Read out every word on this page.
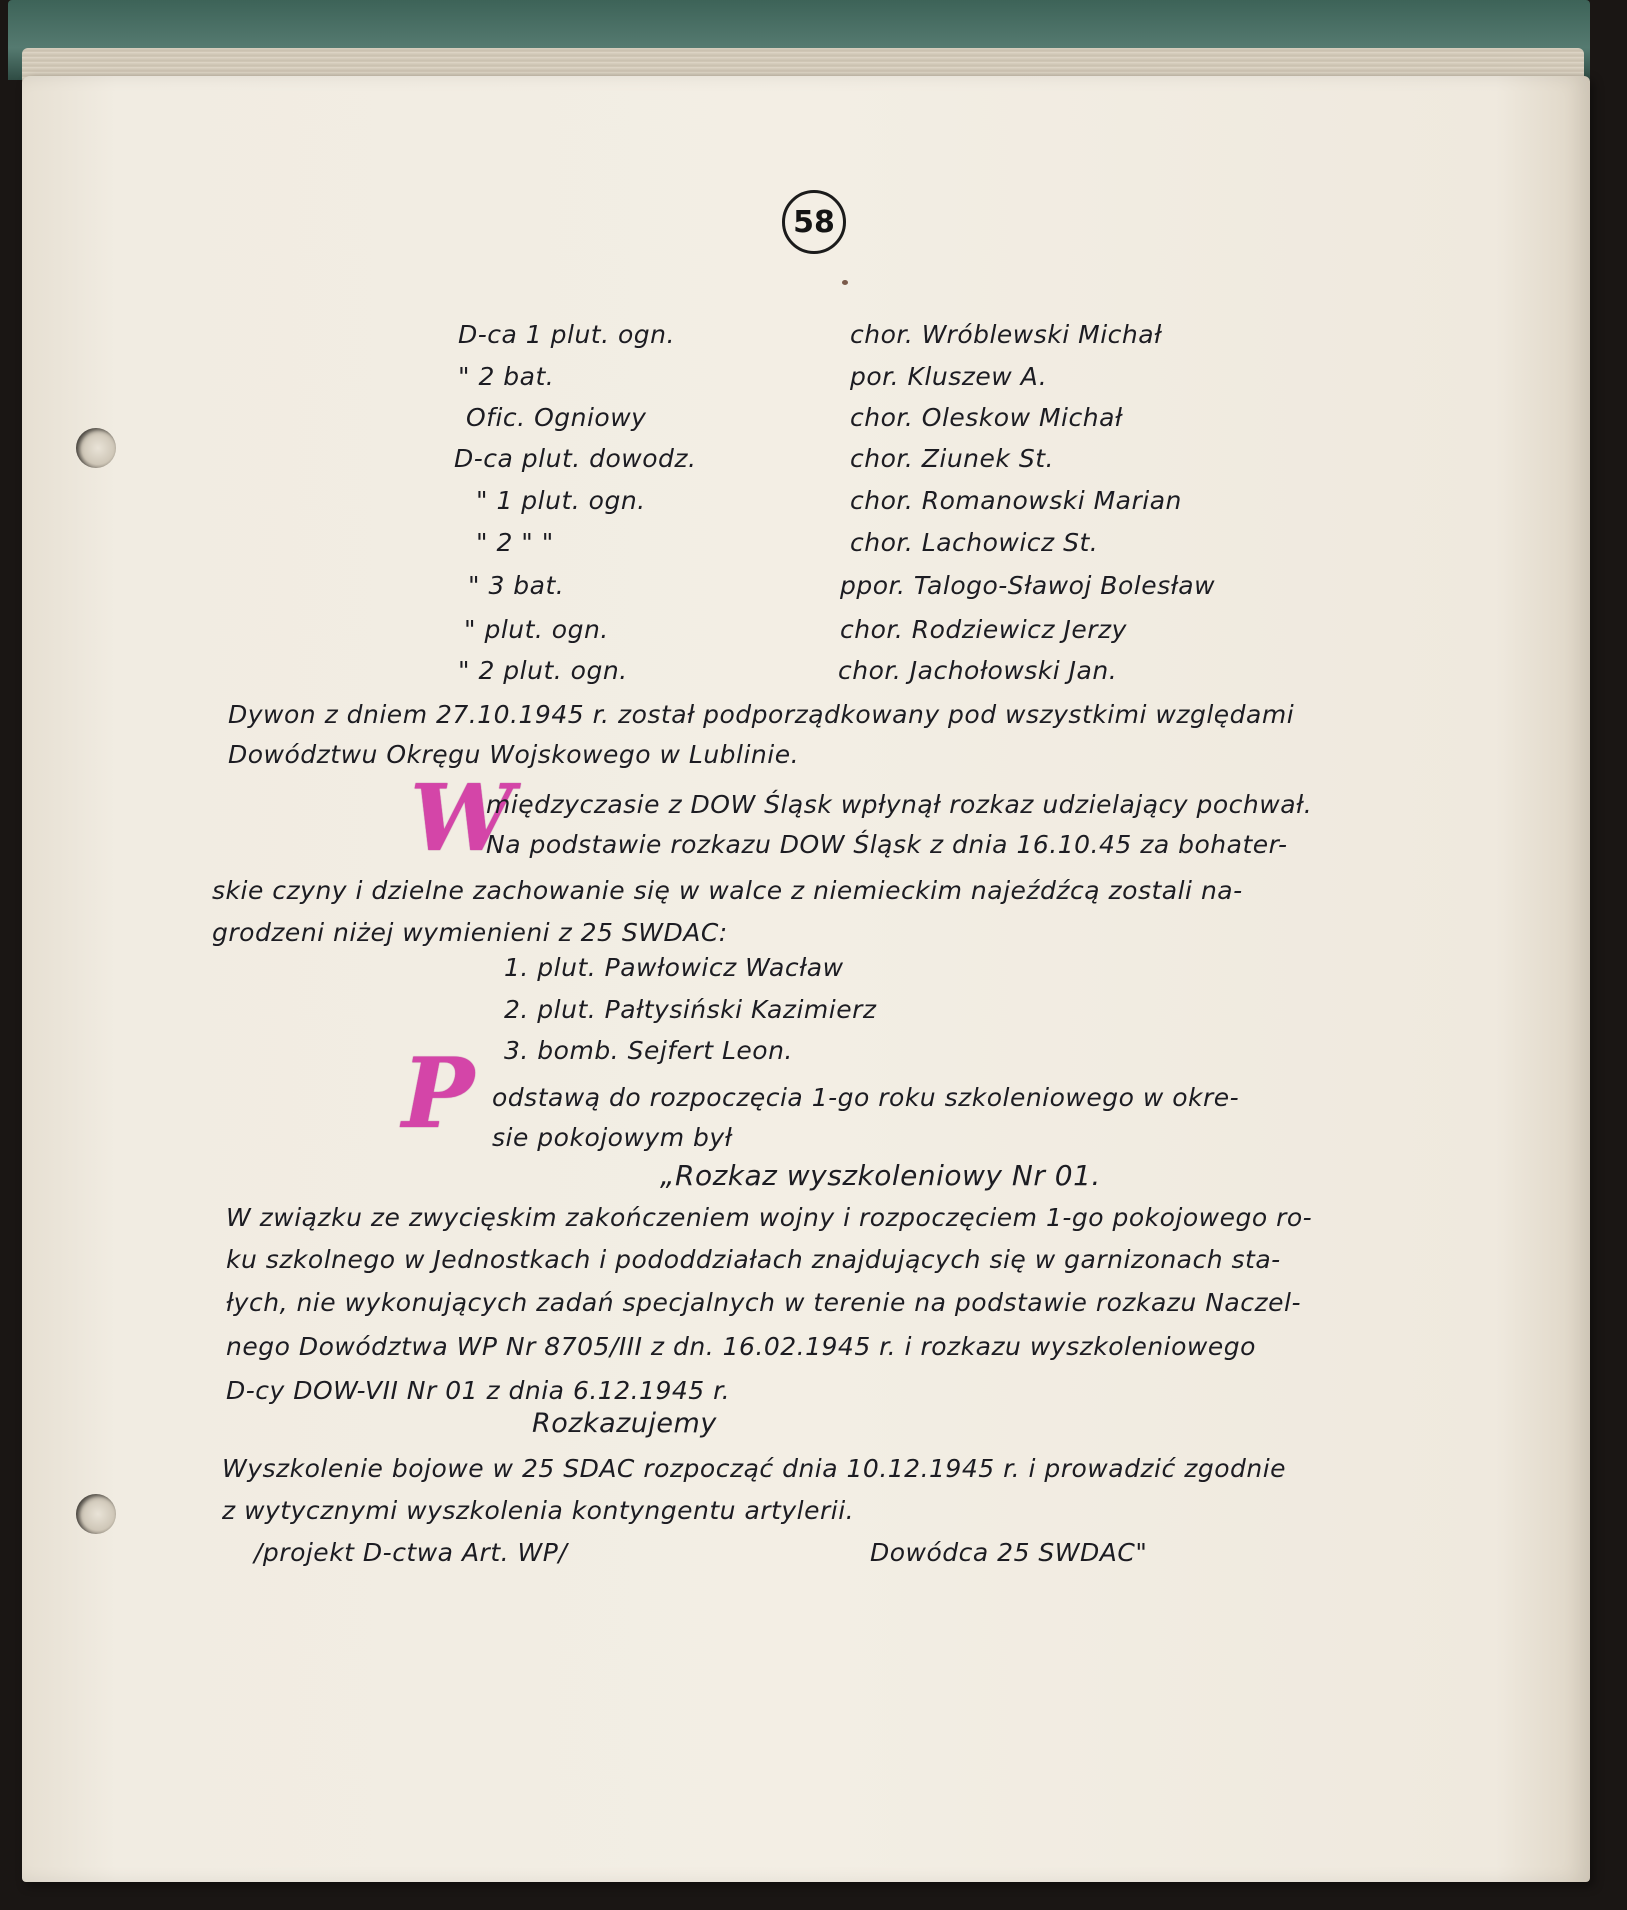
58
D-ca 1 plut. ogn.	chor. Wróblewski Michał
" 2 bat.	por. Kluszew A.
Ofic. Ogniowy	chor. Oleskow Michał
D-ca plut. dowodz.	chor. Ziunek St.
" 1 plut. ogn.	chor. Romanowski Marian
" 2 " "	chor. Lachowicz St.
" 3 bat.	ppor. Talogo-Sławoj Bolesław
" plut. ogn.	chor. Rodziewicz Jerzy
" 2 plut. ogn.	chor. Jachołowski Jan.
Dywon z dniem 27.10.1945 r. został podporządkowany pod wszystkimi względami
Dowództwu Okręgu Wojskowego w Lublinie.
W
międzyczasie z DOW Śląsk wpłynął rozkaz udzielający pochwał.
Na podstawie rozkazu DOW Śląsk z dnia 16.10.45 za bohater-
skie czyny i dzielne zachowanie się w walce z niemieckim najeźdźcą zostali na-
grodzeni niżej wymienieni z 25 SWDAC:
1. plut. Pawłowicz Wacław
2. plut. Pałtysiński Kazimierz
3. bomb. Sejfert Leon.
P odstawą do rozpoczęcia 1-go roku szkoleniowego w okre-
sie pokojowym był
„Rozkaz wyszkoleniowy Nr 01.
W związku ze zwycięskim zakończeniem wojny i rozpoczęciem 1-go pokojowego ro-
ku szkolnego w Jednostkach i pododdziałach znajdujących się w garnizonach sta-
łych, nie wykonujących zadań specjalnych w terenie na podstawie rozkazu Naczel-
nego Dowództwa WP Nr 8705/III z dn. 16.02.1945 r. i rozkazu wyszkoleniowego
D-cy DOW-VII Nr 01 z dnia 6.12.1945 r.
Rozkazujemy
Wyszkolenie bojowe w 25 SDAC rozpocząć dnia 10.12.1945 r. i prowadzić zgodnie
z wytycznymi wyszkolenia kontyngentu artylerii.
/projekt D-ctwa Art. WP/	Dowódca 25 SWDAC"
